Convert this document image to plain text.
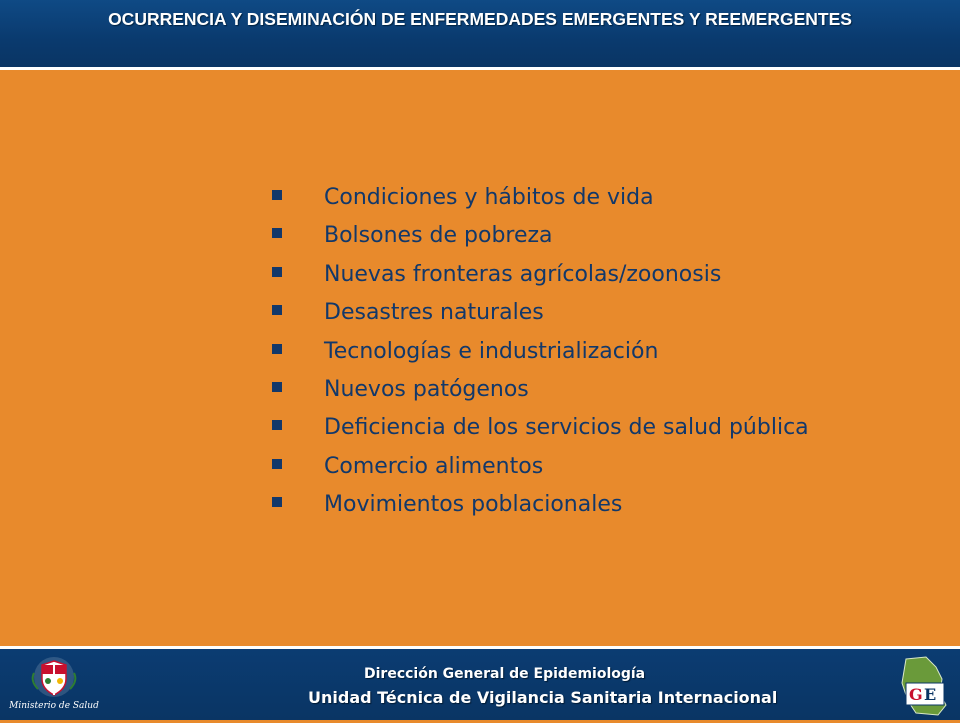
OCURRENCIA Y DISEMINACIÓN DE ENFERMEDADES EMERGENTES Y REEMERGENTES
Condiciones y hábitos de vida
Bolsones de pobreza
Nuevas fronteras agrícolas/zoonosis
Desastres naturales
Tecnologías e industrialización
Nuevos patógenos
Deficiencia de los servicios de salud pública
Comercio alimentos
Movimientos poblacionales
Ministerio de Salud
Dirección General de Epidemiología
Unidad Técnica de Vigilancia Sanitaria Internacional	G E
